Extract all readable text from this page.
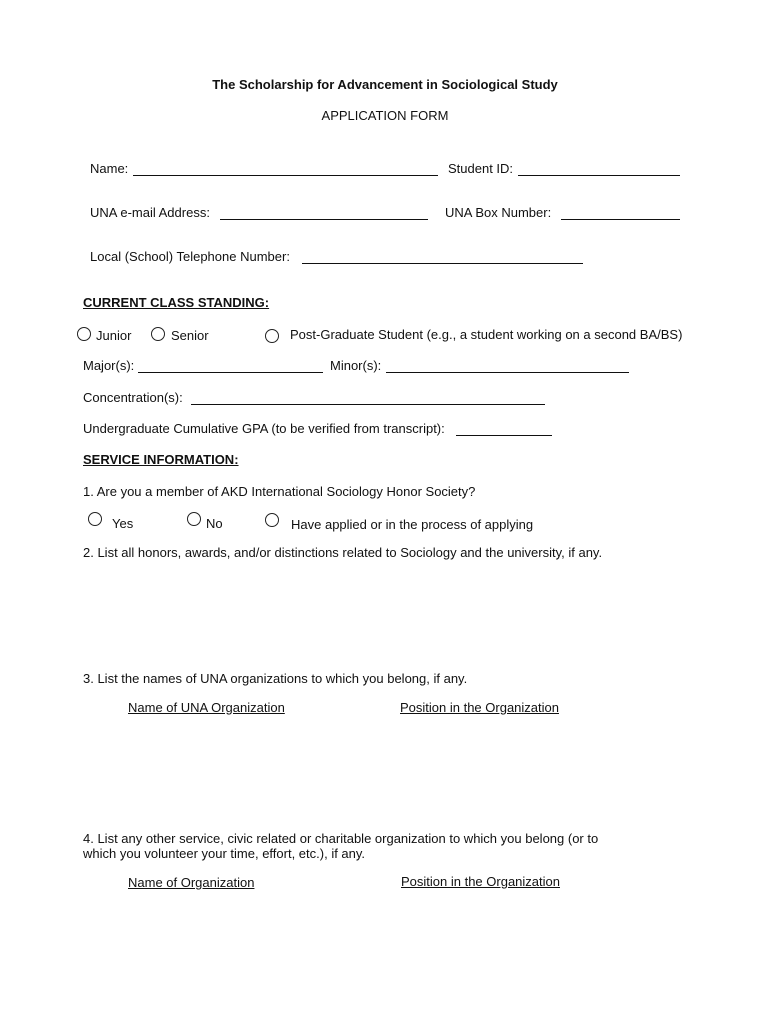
The Scholarship for Advancement in Sociological Study
APPLICATION FORM
Name:	Student ID:
UNA e-mail Address:	UNA Box Number:
Local (School) Telephone Number:
CURRENT CLASS STANDING:
Junior	Senior	Post-Graduate Student (e.g., a student working on a second BA/BS)
Major(s):	Minor(s):
Concentration(s):
Undergraduate Cumulative GPA (to be verified from transcript):
SERVICE INFORMATION:
1. Are you a member of AKD International Sociology Honor Society?
Yes	No	Have applied or in the process of applying
2. List all honors, awards, and/or distinctions related to Sociology and the university, if any.
3. List the names of UNA organizations to which you belong, if any.
Name of UNA Organization	Position in the Organization
4. List any other service, civic related or charitable organization to which you belong (or to
which you volunteer your time, effort, etc.), if any.
Name of Organization	Position in the Organization
